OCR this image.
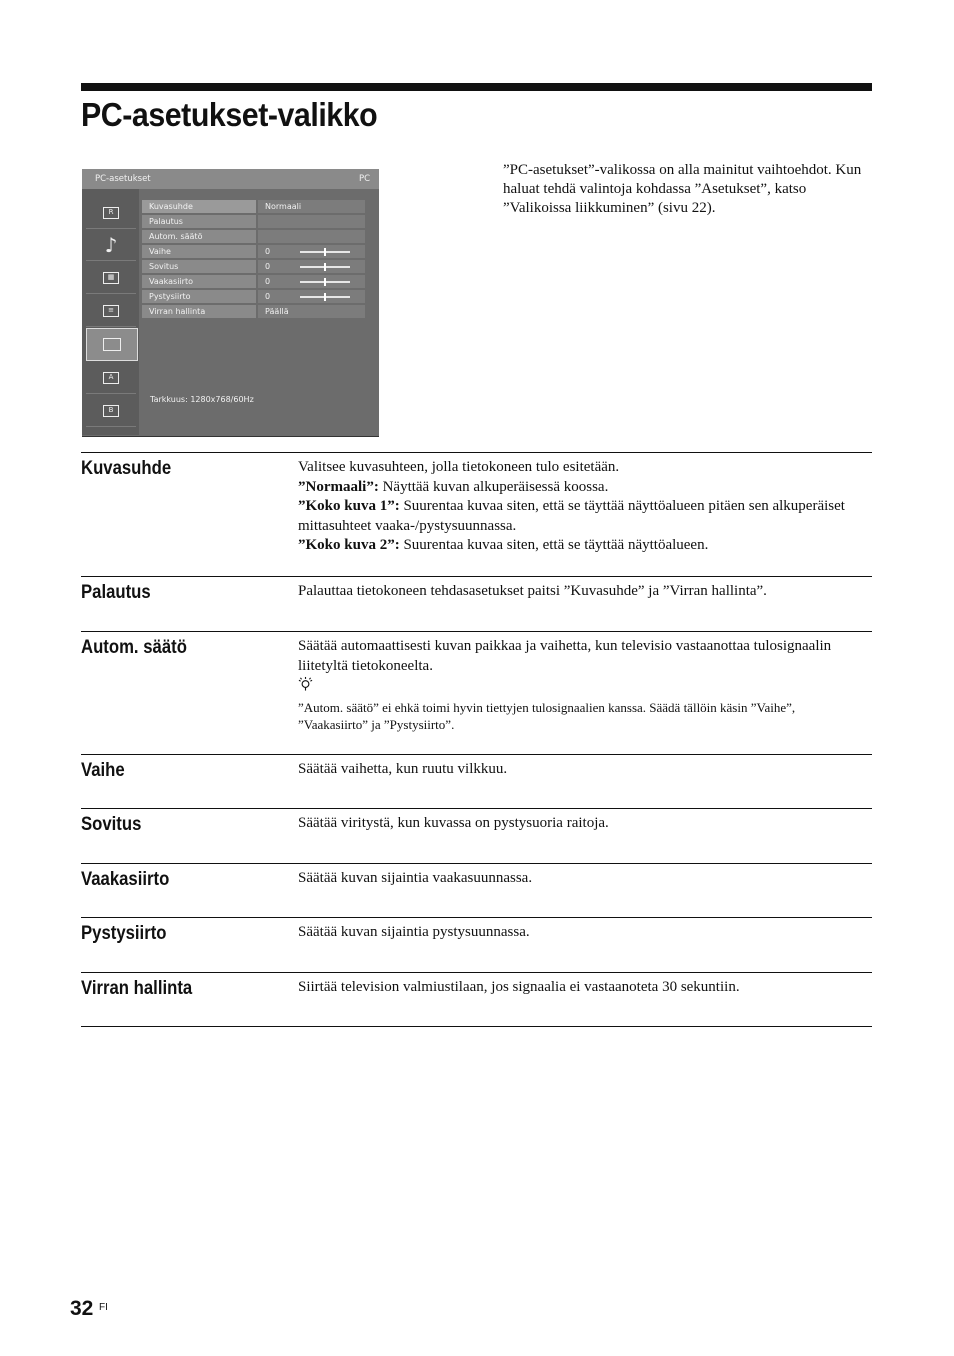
PC-asetukset-valikko
”PC-asetukset”-valikossa on alla mainitut vaihtoehdot. Kun haluat tehdä valintoja kohdassa ”Asetukset”, katso ”Valikoissa liikkuminen” (sivu 22).
PC-asetukset	PC
R
♪
▦
≡
A
B
Kuvasuhde	Normaali
Palautus
Autom. säätö
Vaihe	0
Sovitus	0
Vaakasiirto	0
Pystysiirto	0
Virran hallinta	Päällä
Tarkkuus: 1280x768/60Hz
Kuvasuhde	Valitsee kuvasuhteen, jolla tietokoneen tulo esitetään.
”Normaali”: Näyttää kuvan alkuperäisessä koossa.
”Koko kuva 1”: Suurentaa kuvaa siten, että se täyttää näyttöalueen pitäen sen alkuperäiset mittasuhteet vaaka-/pystysuunnassa.
”Koko kuva 2”: Suurentaa kuvaa siten, että se täyttää näyttöalueen.
Palautus	Palauttaa tietokoneen tehdasasetukset paitsi ”Kuvasuhde” ja ”Virran hallinta”.
Autom. säätö	Säätää automaattisesti kuvan paikkaa ja vaihetta, kun televisio vastaanottaa tulosignaalin liitetyltä tietokoneelta.
”Autom. säätö” ei ehkä toimi hyvin tiettyjen tulosignaalien kanssa. Säädä tällöin käsin ”Vaihe”, ”Vaakasiirto” ja ”Pystysiirto”.
Vaihe	Säätää vaihetta, kun ruutu vilkkuu.
Sovitus	Säätää viritystä, kun kuvassa on pystysuoria raitoja.
Vaakasiirto	Säätää kuvan sijaintia vaakasuunnassa.
Pystysiirto	Säätää kuvan sijaintia pystysuunnassa.
Virran hallinta	Siirtää television valmiustilaan, jos signaalia ei vastaanoteta 30 sekuntiin.
32 FI
